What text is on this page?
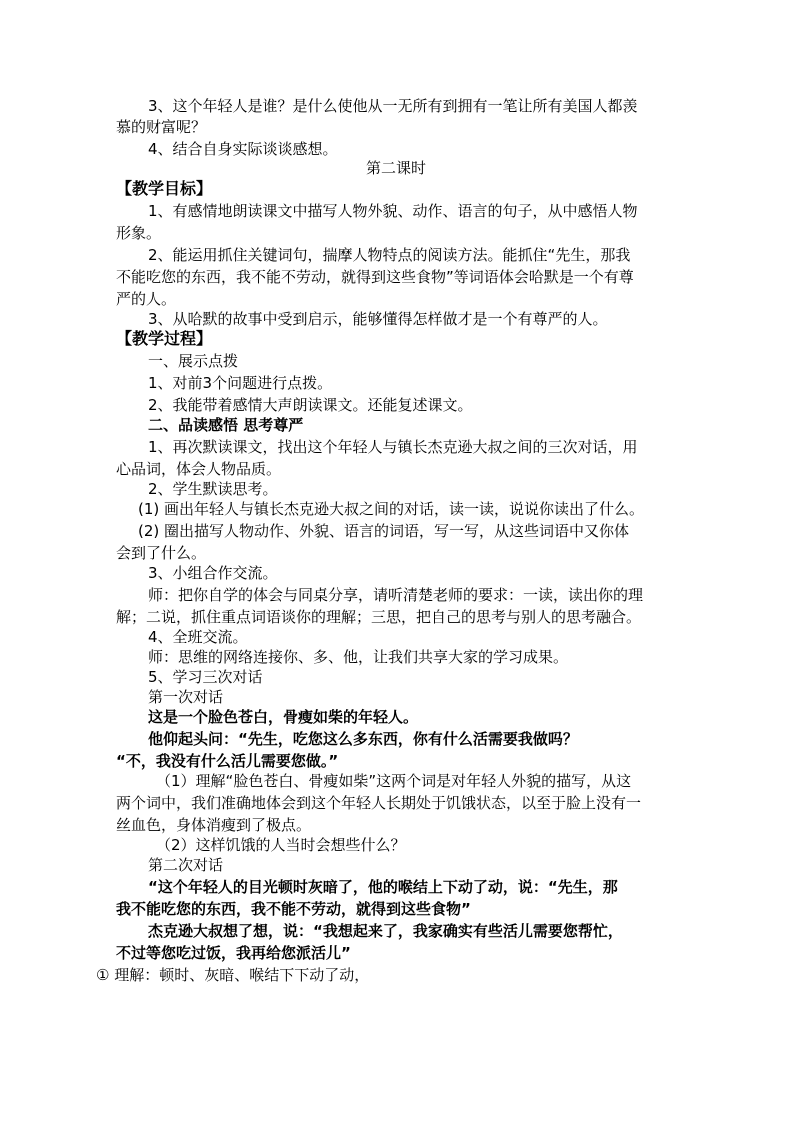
3、这个年轻人是谁？是什么使他从一无所有到拥有一笔让所有美国人都羡
慕的财富呢？
4、结合自身实际谈谈感想。
第二课时
【教学目标】
1、有感情地朗读课文中描写人物外貌、动作、语言的句子，从中感悟人物
形象。
2、能运用抓住关键词句，揣摩人物特点的阅读方法。能抓住“先生，那我
不能吃您的东西，我不能不劳动，就得到这些食物”等词语体会哈默是一个有尊
严的人。
3、从哈默的故事中受到启示，能够懂得怎样做才是一个有尊严的人。
【教学过程】
一、展示点拨
1、对前3个问题进行点拨。
2、我能带着感情大声朗读课文。还能复述课文。
二、品读感悟 思考尊严
1、再次默读课文，找出这个年轻人与镇长杰克逊大叔之间的三次对话，用
心品词，体会人物品质。
2、学生默读思考。
(1) 画出年轻人与镇长杰克逊大叔之间的对话，读一读，说说你读出了什么。
(2) 圈出描写人物动作、外貌、语言的词语，写一写，从这些词语中又你体
会到了什么。
3、小组合作交流。
师：把你自学的体会与同桌分享，请听清楚老师的要求：一读，读出你的理
解；二说，抓住重点词语谈你的理解；三思，把自己的思考与别人的思考融合。
4、全班交流。
师：思维的网络连接你、多、他，让我们共享大家的学习成果。
5、学习三次对话
第一次对话
这是一个脸色苍白，骨瘦如柴的年轻人。
他仰起头问：“先生，吃您这么多东西，你有什么活需要我做吗？
“不，我没有什么活儿需要您做。”
（1）理解“脸色苍白、骨瘦如柴”这两个词是对年轻人外貌的描写，从这
两个词中，我们准确地体会到这个年轻人长期处于饥饿状态，以至于脸上没有一
丝血色，身体消瘦到了极点。
（2）这样饥饿的人当时会想些什么？
第二次对话
“这个年轻人的目光顿时灰暗了，他的喉结上下动了动，说：“先生，那
我不能吃您的东西，我不能不劳动，就得到这些食物”
杰克逊大叔想了想，说：“我想起来了，我家确实有些活儿需要您帮忙，
不过等您吃过饭，我再给您派活儿”
① 理解：顿时、灰暗、喉结下下动了动，
